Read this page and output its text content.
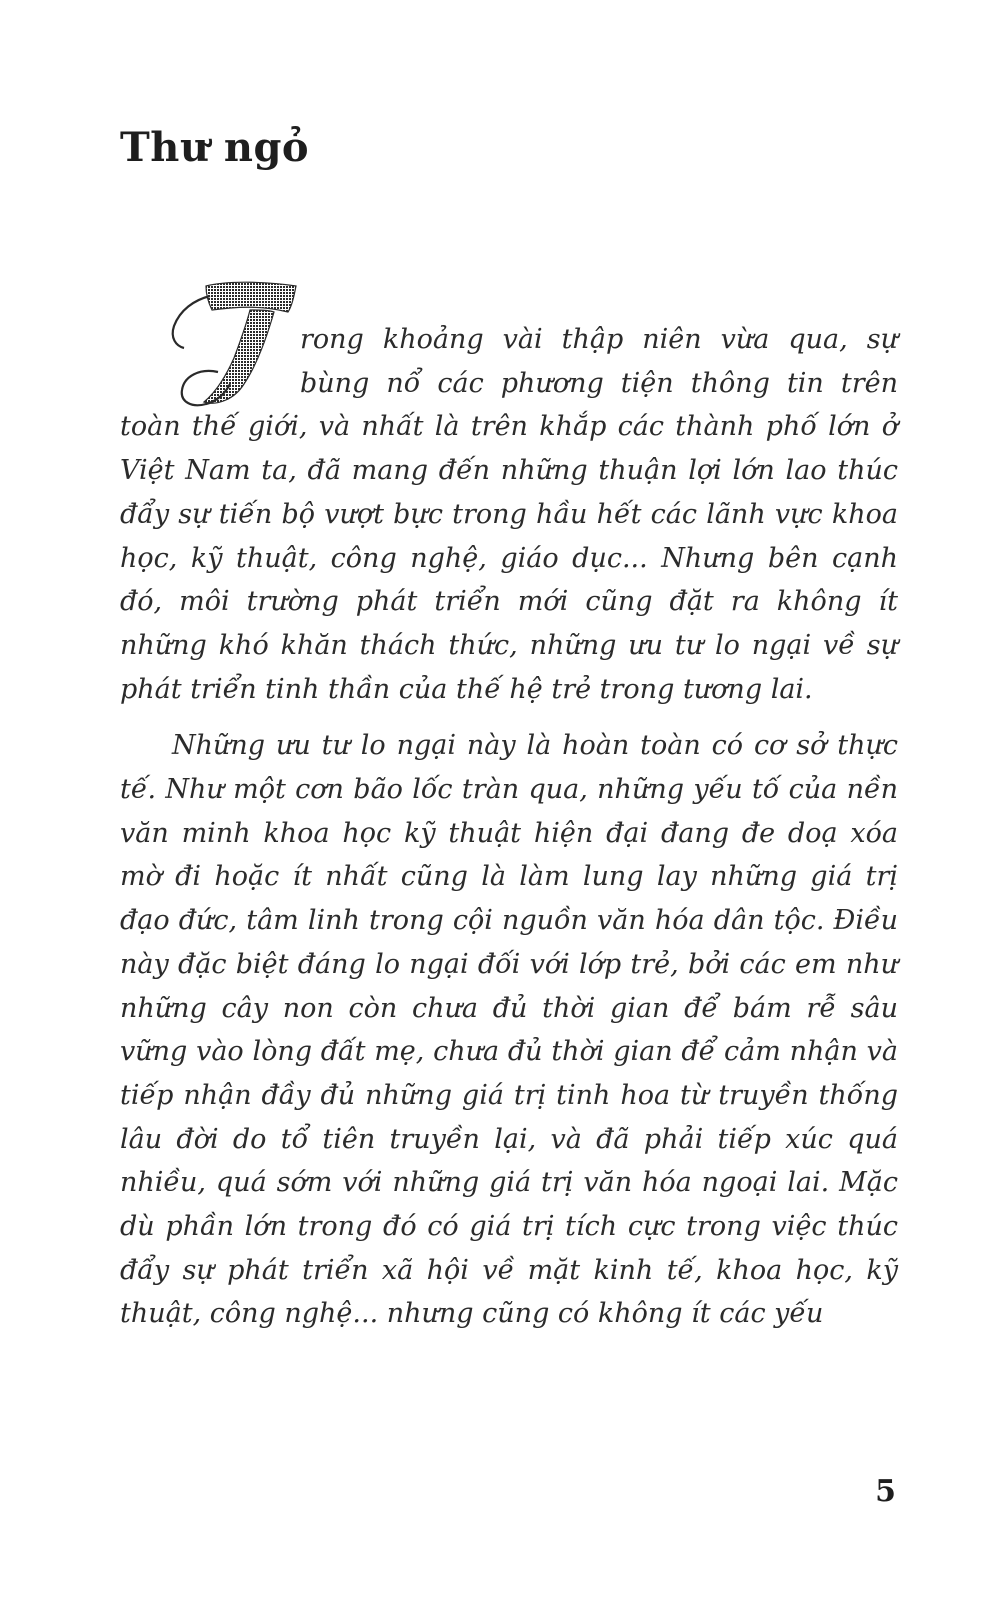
Thư ngỏ

rong khoảng vài thập niên vừa qua, sự bùng nổ các phương tiện thông tin trên toàn thế giới, và nhất là trên khắp các thành phố lớn ở Việt Nam ta, đã mang đến những thuận lợi lớn lao thúc đẩy sự tiến bộ vượt bực trong hầu hết các lãnh vực khoa học, kỹ thuật, công nghệ, giáo dục... Nhưng bên cạnh đó, môi trường phát triển mới cũng đặt ra không ít những khó khăn thách thức, những ưu tư lo ngại về sự phát triển tinh thần của thế hệ trẻ trong tương lai.

Những ưu tư lo ngại này là hoàn toàn có cơ sở thực tế. Như một cơn bão lốc tràn qua, những yếu tố của nền văn minh khoa học kỹ thuật hiện đại đang đe doạ xóa mờ đi hoặc ít nhất cũng là làm lung lay những giá trị đạo đức, tâm linh trong cội nguồn văn hóa dân tộc. Điều này đặc biệt đáng lo ngại đối với lớp trẻ, bởi các em như những cây non còn chưa đủ thời gian để bám rễ sâu vững vào lòng đất mẹ, chưa đủ thời gian để cảm nhận và tiếp nhận đầy đủ những giá trị tinh hoa từ truyền thống lâu đời do tổ tiên truyền lại, và đã phải tiếp xúc quá nhiều, quá sớm với những giá trị văn hóa ngoại lai. Mặc dù phần lớn trong đó có giá trị tích cực trong việc thúc đẩy sự phát triển xã hội về mặt kinh tế, khoa học, kỹ thuật, công nghệ... nhưng cũng có không ít các yếu

5
